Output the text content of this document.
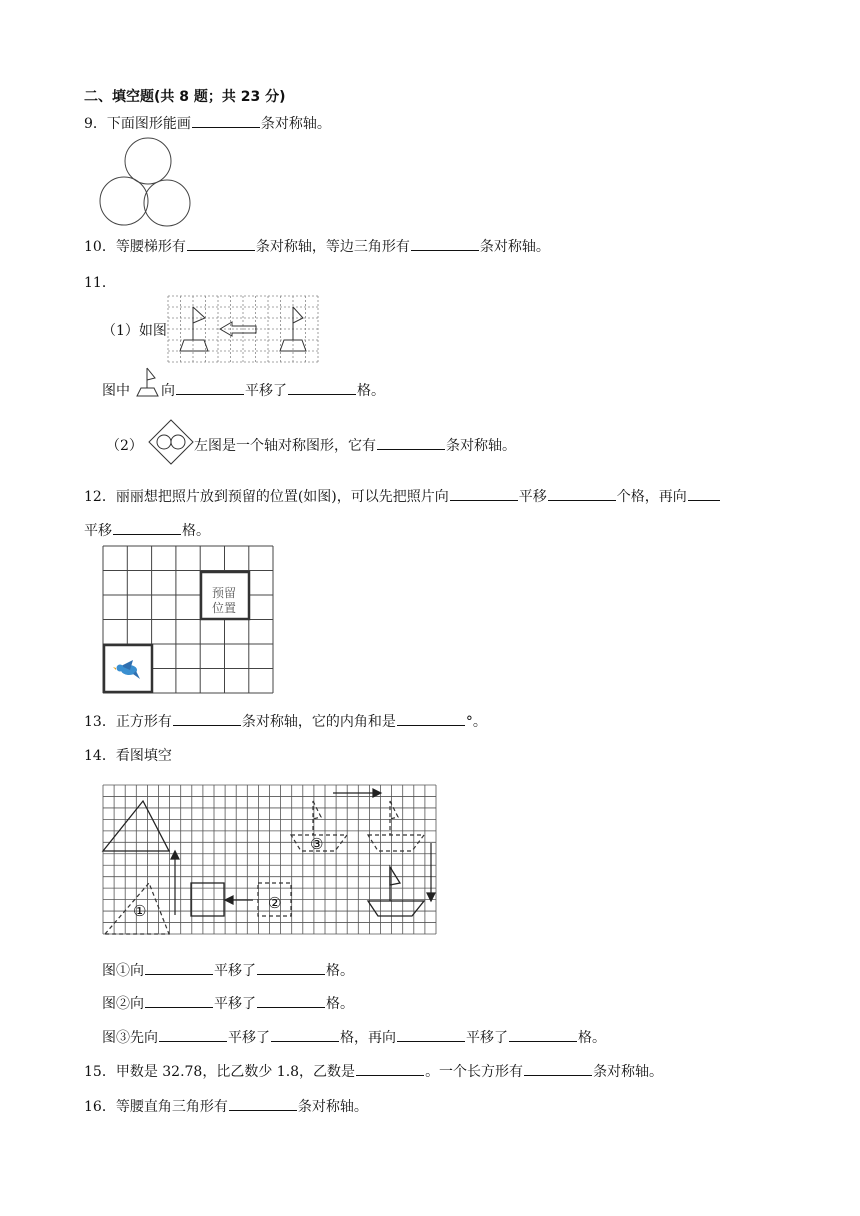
二、填空题(共 8 题；共 23 分)
9．下面图形能画	条对称轴。
10．等腰梯形有	条对称轴，等边三角形有	条对称轴。
11．
（1）如图
图中 向	平移了	格。
（2）	左图是一个轴对称图形，它有	条对称轴。
12．丽丽想把照片放到预留的位置(如图)，可以先把照片向	平移	个格，再向
平移	格。
预留
位置
13．正方形有	条对称轴，它的内角和是	°。
14．看图填空
①	②
③
图①向	平移了	格。
图②向	平移了	格。
图③先向	平移了	格，再向	平移了	格。
15．甲数是 32.78，比乙数少 1.8，乙数是	。一个长方形有	条对称轴。
16．等腰直角三角形有	条对称轴。
